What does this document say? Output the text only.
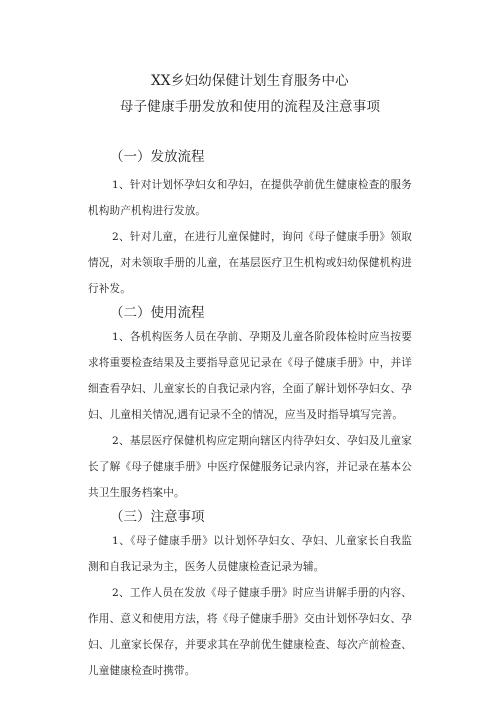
XX乡妇幼保健计划生育服务中心
母子健康手册发放和使用的流程及注意事项
（一）发放流程

1、针对计划怀孕妇女和孕妇，在提供孕前优生健康检查的服务机构助产机构进行发放。

2、针对儿童，在进行儿童保健时，询问《母子健康手册》领取情况，对未领取手册的儿童，在基层医疗卫生机构或妇幼保健机构进行补发。

（二）使用流程

1、各机构医务人员在孕前、孕期及儿童各阶段体检时应当按要求将重要检查结果及主要指导意见记录在《母子健康手册》中，并详细查看孕妇、儿童家长的自我记录内容，全面了解计划怀孕妇女、孕妇、儿童相关情况,遇有记录不全的情况，应当及时指导填写完善。

2、基层医疗保健机构应定期向辖区内待孕妇女、孕妇及儿童家长了解《母子健康手册》中医疗保健服务记录内容，并记录在基本公共卫生服务档案中。

（三）注意事项

1、《母子健康手册》以计划怀孕妇女、孕妇、儿童家长自我监测和自我记录为主，医务人员健康检查记录为辅。

2、工作人员在发放《母子健康手册》时应当讲解手册的内容、作用、意义和使用方法，将《母子健康手册》交由计划怀孕妇女、孕妇、儿童家长保存，并要求其在孕前优生健康检查、每次产前检查、儿童健康检查时携带。
